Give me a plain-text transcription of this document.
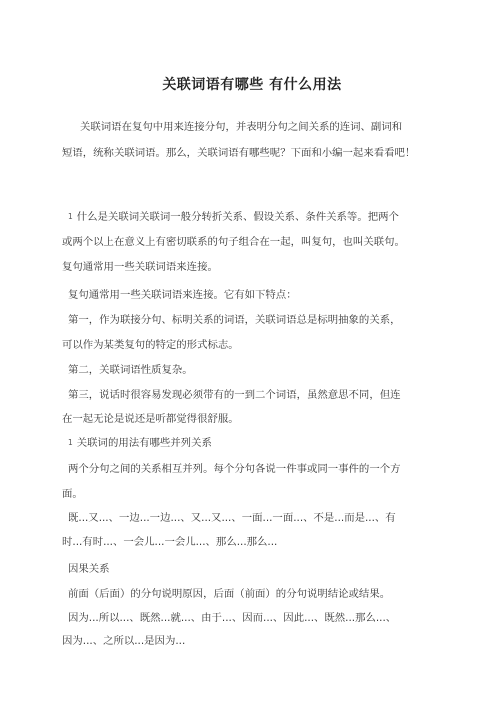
关联词语有哪些 有什么用法
关联词语在复句中用来连接分句，并表明分句之间关系的连词、副词和
短语，统称关联词语。那么，关联词语有哪些呢？下面和小编一起来看看吧！
1 什么是关联词关联词一般分转折关系、假设关系、条件关系等。把两个
或两个以上在意义上有密切联系的句子组合在一起，叫复句，也叫关联句。
复句通常用一些关联词语来连接。
复句通常用一些关联词语来连接。它有如下特点：
第一，作为联接分句、标明关系的词语，关联词语总是标明抽象的关系，
可以作为某类复句的特定的形式标志。
第二，关联词语性质复杂。
第三，说话时很容易发现必须带有的一到二个词语，虽然意思不同，但连
在一起无论是说还是听都觉得很舒服。
1 关联词的用法有哪些并列关系
两个分句之间的关系相互并列。每个分句各说一件事或同一事件的一个方
面。
既...又...、一边...一边...、又...又...、一面...一面...、不是...而是...、有
时...有时...、一会儿...一会儿...、那么...那么...
因果关系
前面（后面）的分句说明原因，后面（前面）的分句说明结论或结果。
因为...所以...、既然...就...、由于...、因而...、因此...、既然...那么...、
因为...、之所以...是因为...
